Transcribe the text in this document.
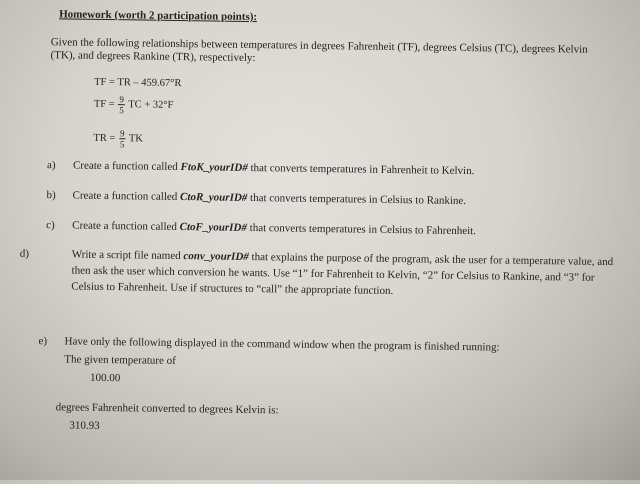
Homework (worth 2 participation points):
Given the following relationships between temperatures in degrees Fahrenheit (TF), degrees Celsius (TC), degrees Kelvin (TK), and degrees Rankine (TR), respectively:
TF = TR – 459.67°R
TF = $\frac{9}{5}$ TC + 32°F
TR = $\frac{9}{5}$ TK
a) Create a function called FtoK_yourID# that converts temperatures in Fahrenheit to Kelvin.
b) Create a function called CtoR_yourID# that converts temperatures in Celsius to Rankine.
c) Create a function called CtoF_yourID# that converts temperatures in Celsius to Fahrenheit.
d)	Write a script file named conv_yourID# that explains the purpose of the program, ask the user for a temperature value, and then ask the user which conversion he wants. Use “1” for Fahrenheit to Kelvin, “2” for Celsius to Rankine, and “3” for Celsius to Fahrenheit. Use if structures to “call” the appropriate function.
e) Have only the following displayed in the command window when the program is finished running:
The given temperature of
100.00
degrees Fahrenheit converted to degrees Kelvin is:
310.93
